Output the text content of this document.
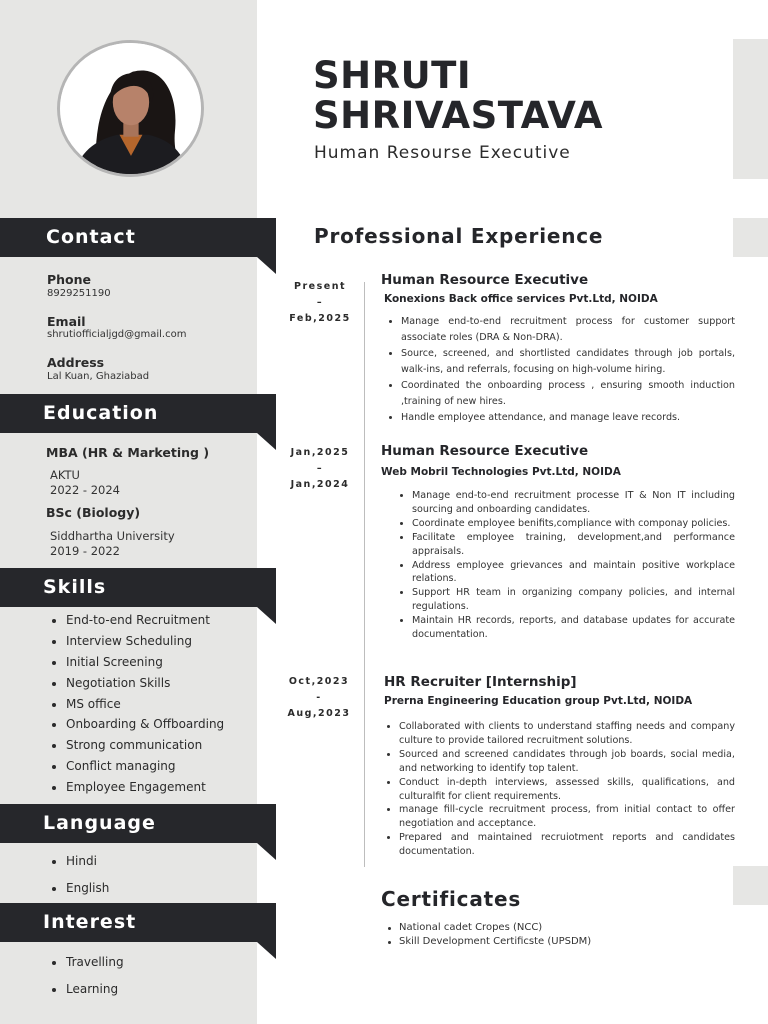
Contact
Phone
8929251190
Email
shrutiofficialjgd@gmail.com
Address
Lal Kuan, Ghaziabad
Education
MBA (HR & Marketing )
AKTU
2022 - 2024
BSc (Biology)
Siddhartha University
2019 - 2022
Skills
End-to-end Recruitment
Interview Scheduling
Initial Screening
Negotiation Skills
MS office
Onboarding & Offboarding
Strong communication
Conflict managing
Employee Engagement
Language
Hindi
English
Interest
Travelling
Learning
SHRUTI
SHRIVASTAVA
Human Resourse Executive
Professional Experience
Present
–
Feb,2025
Human Resource Executive
Konexions Back office services Pvt.Ltd, NOIDA
Manage end-to-end recruitment process for customer support associate roles (DRA & Non-DRA).
Source, screened, and shortlisted candidates through job portals, walk-ins, and referrals, focusing on high-volume hiring.
Coordinated the onboarding process , ensuring smooth induction ,training of new hires.
Handle employee attendance, and manage leave records.
Jan,2025
–
Jan,2024
Human Resource Executive
Web Mobril Technologies Pvt.Ltd, NOIDA
Manage end-to-end recruitment processe IT & Non IT including sourcing and onboarding candidates.
Coordinate employee benifits,compliance with componay policies.
Facilitate employee training, development,and performance appraisals.
Address employee grievances and maintain positive workplace relations.
Support HR team in organizing company policies, and internal regulations.
Maintain HR records, reports, and database updates for accurate documentation.
Oct,2023
-
Aug,2023
HR Recruiter [Internship]
Prerna Engineering Education group Pvt.Ltd, NOIDA
Collaborated with clients to understand staffing needs and company culture to provide tailored recruitment solutions.
Sourced and screened candidates through job boards, social media, and networking to identify top talent.
Conduct in-depth interviews, assessed skills, qualifications, and culturalfit for client requirements.
manage fill-cycle recruitment process, from initial contact to offer negotiation and acceptance.
Prepared and maintained recruiotment reports and candidates documentation.
Certificates
National cadet Cropes (NCC)
Skill Development Certificste (UPSDM)
